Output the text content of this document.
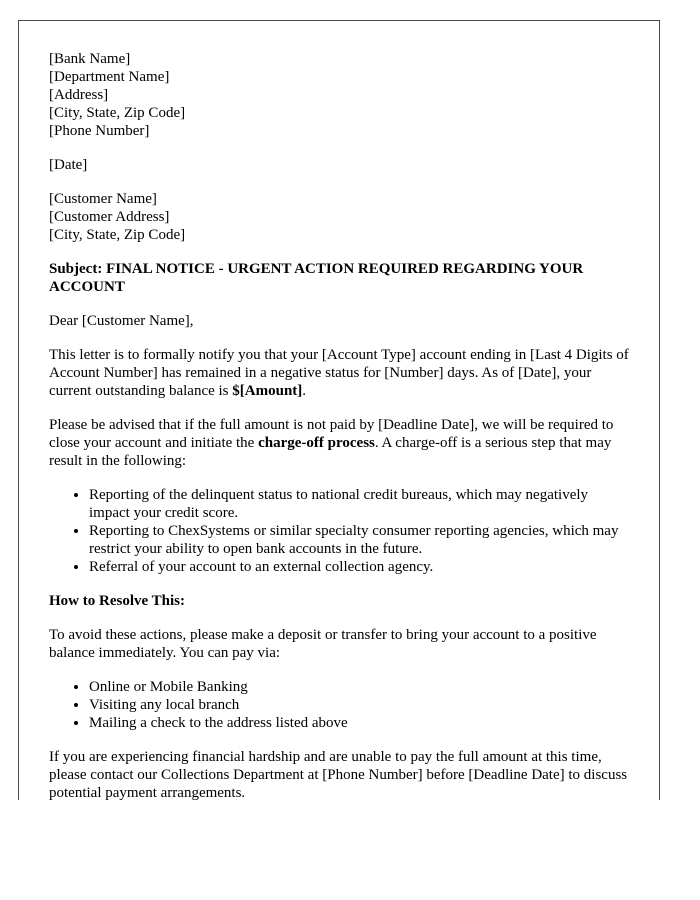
[Bank Name]
[Department Name]
[Address]
[City, State, Zip Code]
[Phone Number]
[Date]
[Customer Name]
[Customer Address]
[City, State, Zip Code]

Subject: FINAL NOTICE - URGENT ACTION REQUIRED REGARDING YOUR ACCOUNT

Dear [Customer Name],

This letter is to formally notify you that your [Account Type] account ending in [Last 4 Digits of Account Number] has remained in a negative status for [Number] days. As of [Date], your current outstanding balance is $[Amount].

Please be advised that if the full amount is not paid by [Deadline Date], we will be required to close your account and initiate the charge-off process. A charge-off is a serious step that may result in the following:

• Reporting of the delinquent status to national credit bureaus, which may negatively impact your credit score.
• Reporting to ChexSystems or similar specialty consumer reporting agencies, which may restrict your ability to open bank accounts in the future.
• Referral of your account to an external collection agency.

How to Resolve This:

To avoid these actions, please make a deposit or transfer to bring your account to a positive balance immediately. You can pay via:

• Online or Mobile Banking
• Visiting any local branch
• Mailing a check to the address listed above

If you are experiencing financial hardship and are unable to pay the full amount at this time, please contact our Collections Department at [Phone Number] before [Deadline Date] to discuss potential payment arrangements.
